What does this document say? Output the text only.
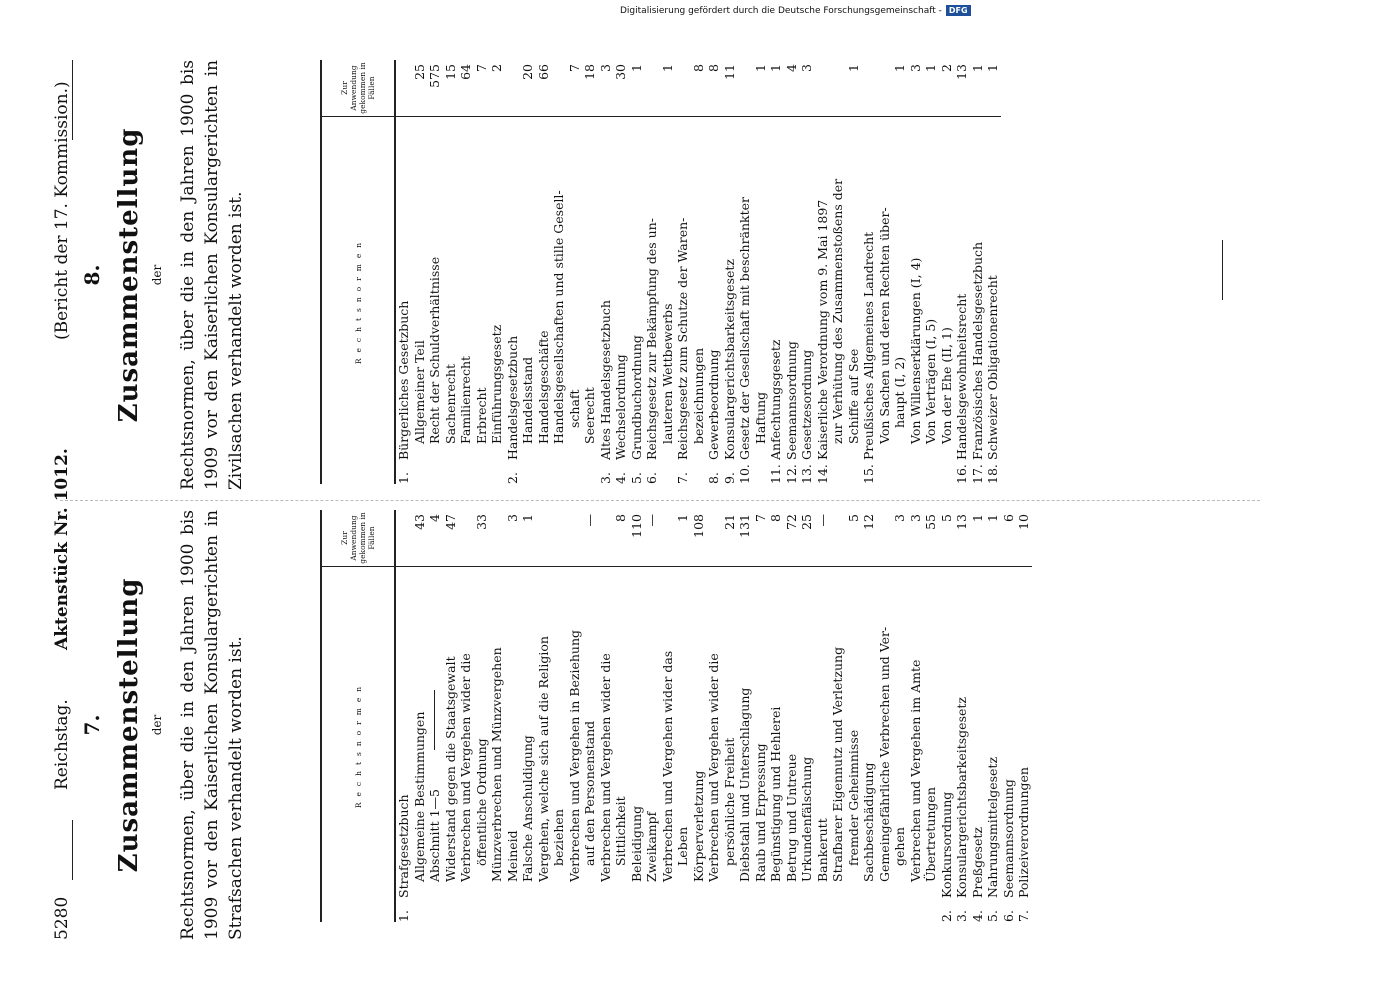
5280
Reichstag.
Aktenstück Nr. 1012.
(Bericht der 17. Kommission.)
7. Zusammenstellung der Rechtsnormen, über die in den Jahren 1900 bis 1909 vor den Kaiserlichen Konsulargerichten in Strafsachen verhandelt worden ist.	Rechtsnormen		Zur Anwendung gekommen in Fällen
1.	Strafgesetzbuch	
	Allgemeine Bestimmungen	43
	Abschnitt 1—5	4
	Widerstand gegen die Staatsgewalt	47
	Verbrechen und Vergehen wider die	
	öffentliche Ordnung	33
	Münzverbrechen und Münzvergehen	
	Meineid	3
	Falsche Anschuldigung	1
	Vergehen, welche sich auf die Religion	
	beziehen	
	Verbrechen und Vergehen in Beziehung	
	auf den Personenstand	—
	Verbrechen und Vergehen wider die	
	Sittlichkeit	8
	Beleidigung	110
	Zweikampf	—
	Verbrechen und Vergehen wider das	
	Leben	1
	Körperverletzung	108
	Verbrechen und Vergehen wider die	
	persönliche Freiheit	21
	Diebstahl und Unterschlagung	131
	Raub und Erpressung	7
	Begünstigung und Hehlerei	8
	Betrug und Untreue	72
	Urkundenfälschung	25
	Bankerutt	—
	Strafbarer Eigennutz und Verletzung	
	fremder Geheimnisse	5
	Sachbeschädigung	12
	Gemeingefährliche Verbrechen und Ver-	
	gehen	3
	Verbrechen und Vergehen im Amte	3
	Übertretungen	55
2.	Konkursordnung	5
3.	Konsulargerichtsbarkeitsgesetz	13
4.	Preßgesetz	1
5.	Nahrungsmittelgesetz	1
6.	Seemannsordnung	6
7.	Polizeiverordnungen	10
8. Zusammenstellung der Rechtsnormen, über die in den Jahren 1900 bis 1909 vor den Kaiserlichen Konsulargerichten in Zivilsachen verhandelt worden ist.	Rechtsnormen		Zur Anwendung gekommen in Fällen
1.	Bürgerliches Gesetzbuch	
	Allgemeiner Teil	25
	Recht der Schuldverhältnisse	575
	Sachenrecht	15
	Familienrecht	64
	Erbrecht	7
	Einführungsgesetz	2
2.	Handelsgesetzbuch	
	Handelsstand	20
	Handelsgeschäfte	66
	Handelsgesellschaften und stille Gesell-	
	schaft	7
	Seerecht	18
3.	Altes Handelsgesetzbuch	3
4.	Wechselordnung	30
5.	Grundbuchordnung	1
6.	Reichsgesetz zur Bekämpfung des un-	
	lauteren Wettbewerbs	1
7.	Reichsgesetz zum Schutze der Waren-	
	bezeichnungen	8
8.	Gewerbeordnung	8
9.	Konsulargerichtsbarkeitsgesetz	11
10.	Gesetz der Gesellschaft mit beschränkter	
	Haftung	1
11.	Anfechtungsgesetz	1
12.	Seemannsordnung	4
13.	Gesetzesordnung	3
14.	Kaiserliche Verordnung vom 9. Mai 1897	
	zur Verhütung des Zusammenstoßens der	
	Schiffe auf See	1
15.	Preußisches Allgemeines Landrecht	
	Von Sachen und deren Rechten über-	
	haupt (I, 2)	1
	Von Willenserklärungen (I, 4)	3
	Von Verträgen (I, 5)	1
	Von der Ehe (II, 1)	2
16.	Handelsgewohnheitsrecht	13
17.	Französisches Handelsgesetzbuch	1
18.	Schweizer Obligationenrecht	1
Digitalisierung gefördert durch die Deutsche Forschungsgemeinschaft - DFG
